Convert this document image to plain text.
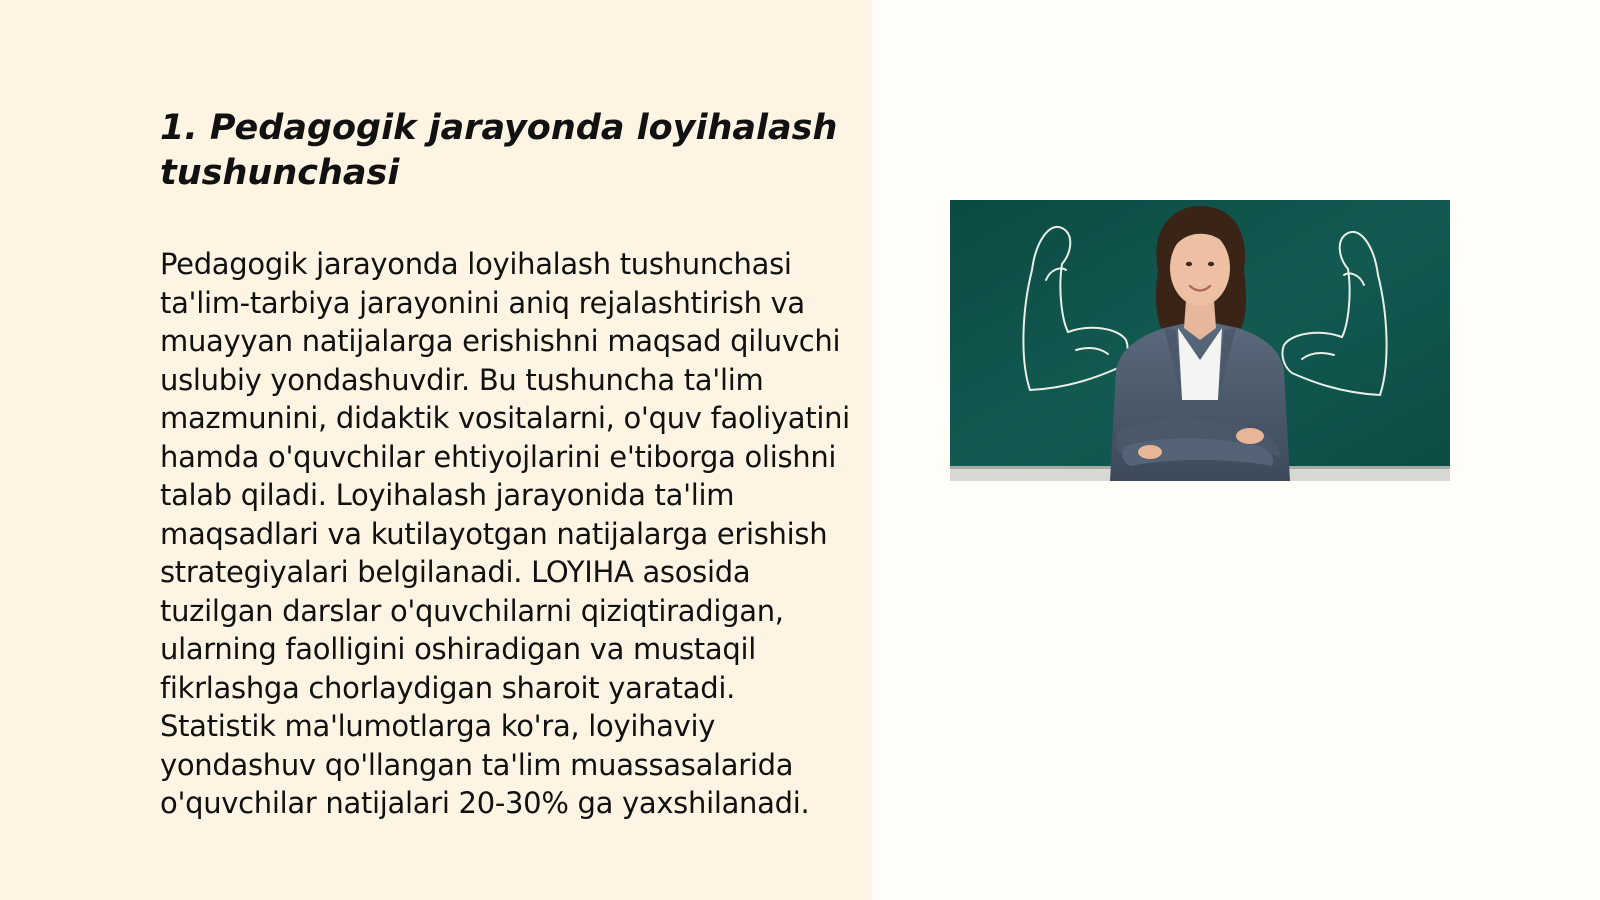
1. Pedagogik jarayonda loyihalash tushunchasi

Pedagogik jarayonda loyihalash tushunchasi ta'lim-tarbiya jarayonini aniq rejalashtirish va muayyan natijalarga erishishni maqsad qiluvchi uslubiy yondashuvdir. Bu tushuncha ta'lim mazmunini, didaktik vositalarni, o'quv faoliyatini hamda o'quvchilar ehtiyojlarini e'tiborga olishni talab qiladi. Loyihalash jarayonida ta'lim maqsadlari va kutilayotgan natijalarga erishish strategiyalari belgilanadi. LOYIHA asosida tuzilgan darslar o'quvchilarni qiziqtiradigan, ularning faolligini oshiradigan va mustaqil fikrlashga chorlaydigan sharoit yaratadi. Statistik ma'lumotlarga ko'ra, loyihaviy yondashuv qo'llangan ta'lim muassasalarida o'quvchilar natijalari 20-30% ga yaxshilanadi.
